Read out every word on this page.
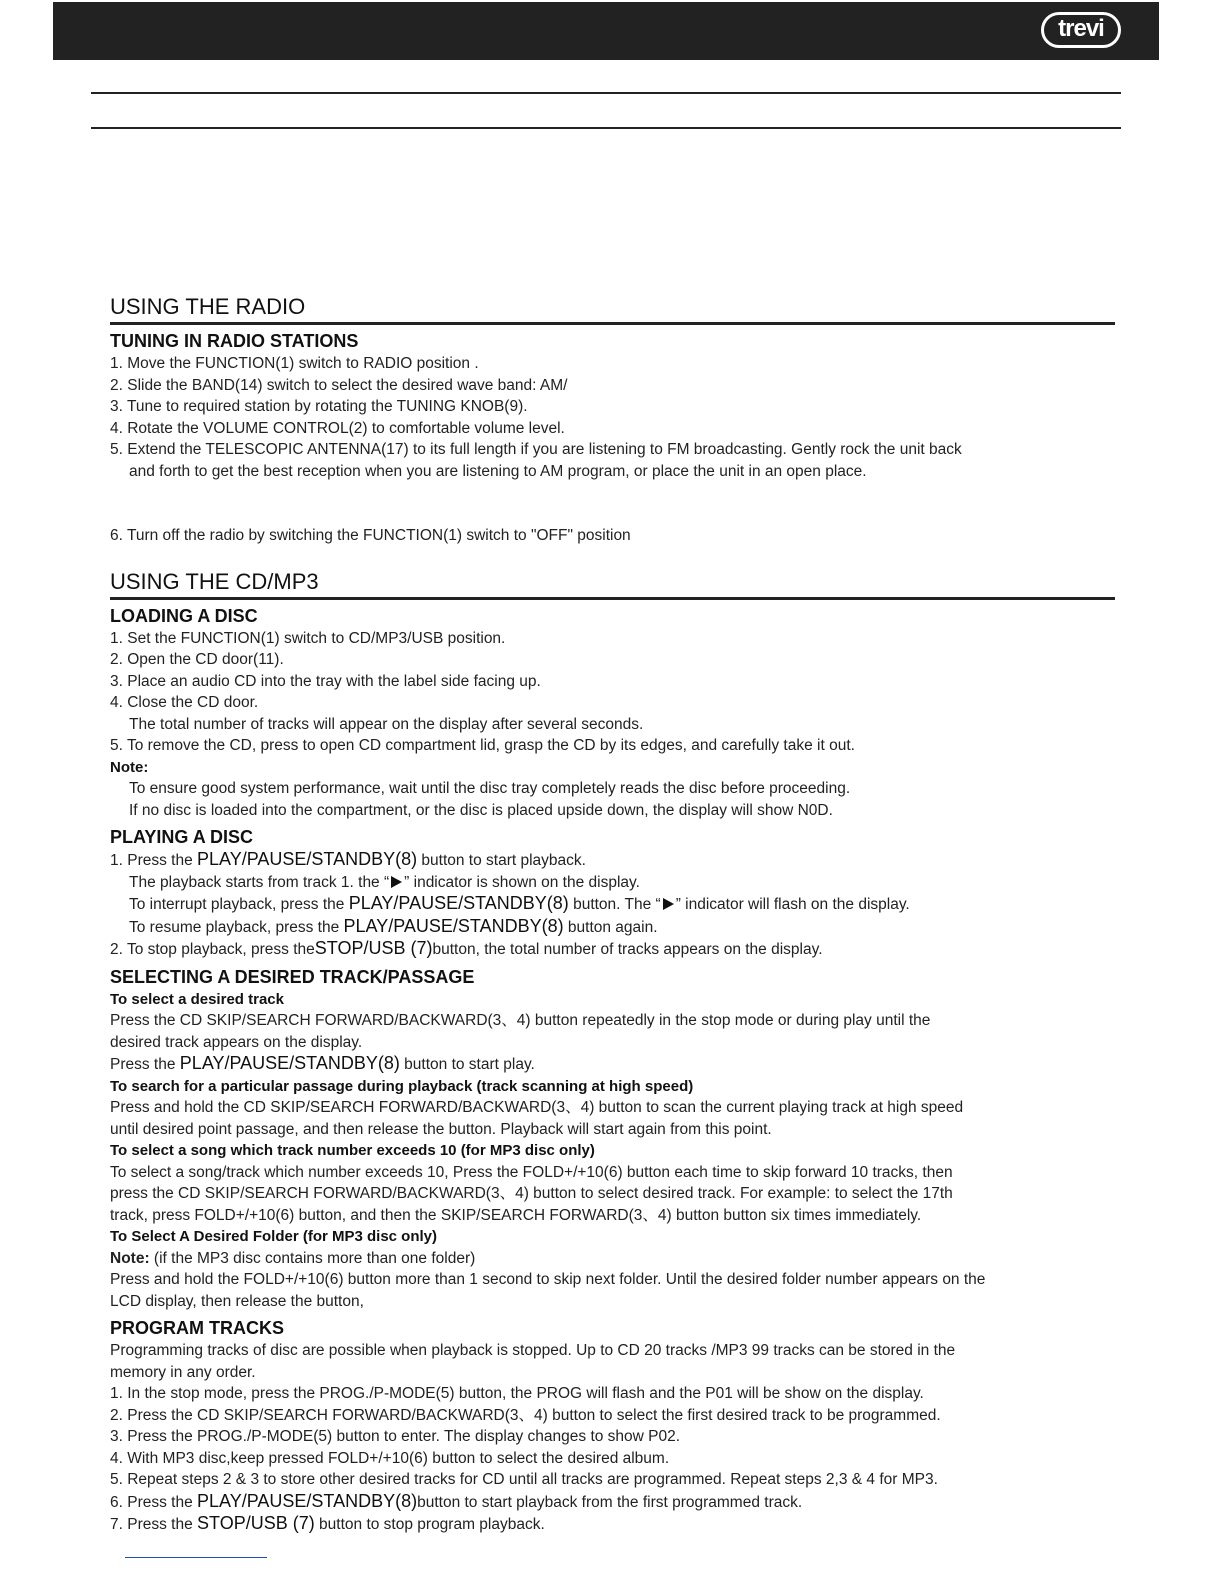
trevi
USING THE RADIO
TUNING IN RADIO STATIONS

1. Move the FUNCTION(1) switch to RADIO position .

2. Slide the BAND(14) switch to select the desired wave band: AM/

3. Tune to required station by rotating the TUNING KNOB(9).

4. Rotate the VOLUME CONTROL(2) to comfortable volume level.

5. Extend the TELESCOPIC ANTENNA(17) to its full length if you are listening to FM broadcasting. Gently rock the unit back

and forth to get the best reception when you are listening to AM program, or place the unit in an open place.

6. Turn off the radio by switching the FUNCTION(1) switch to "OFF" position

USING THE CD/MP3
LOADING A DISC

1. Set the FUNCTION(1) switch to CD/MP3/USB position.

2. Open the CD door(11).

3. Place an audio CD into the tray with the label side facing up.

4. Close the CD door.

The total number of tracks will appear on the display after several seconds.

5. To remove the CD, press to open CD compartment lid, grasp the CD by its edges, and carefully take it out.

Note:

To ensure good system performance, wait until the disc tray completely reads the disc before proceeding.

If no disc is loaded into the compartment, or the disc is placed upside down, the display will show N0D.

PLAYING A DISC

1. Press the PLAY/PAUSE/STANDBY(8) button to start playback.

The playback starts from track 1. the “ ” indicator is shown on the display.

To interrupt playback, press the PLAY/PAUSE/STANDBY(8) button. The “ ” indicator will flash on the display.

To resume playback, press the PLAY/PAUSE/STANDBY(8) button again.

2. To stop playback, press theSTOP/USB (7)button, the total number of tracks appears on the display.

SELECTING A DESIRED TRACK/PASSAGE
To select a desired track

Press the CD SKIP/SEARCH FORWARD/BACKWARD(3、4) button repeatedly in the stop mode or during play until the

desired track appears on the display.

Press the PLAY/PAUSE/STANDBY(8) button to start play.

To search for a particular passage during playback (track scanning at high speed)

Press and hold the CD SKIP/SEARCH FORWARD/BACKWARD(3、4) button to scan the current playing track at high speed

until desired point passage, and then release the button. Playback will start again from this point.

To select a song which track number exceeds 10 (for MP3 disc only)

To select a song/track which number exceeds 10, Press the FOLD+/+10(6) button each time to skip forward 10 tracks, then

press the CD SKIP/SEARCH FORWARD/BACKWARD(3、4) button to select desired track. For example: to select the 17th

track, press FOLD+/+10(6) button, and then the SKIP/SEARCH FORWARD(3、4) button button six times immediately.

To Select A Desired Folder (for MP3 disc only)

Note: (if the MP3 disc contains more than one folder)

Press and hold the FOLD+/+10(6) button more than 1 second to skip next folder. Until the desired folder number appears on the

LCD display, then release the button,

PROGRAM TRACKS

Programming tracks of disc are possible when playback is stopped. Up to CD 20 tracks /MP3 99 tracks can be stored in the

memory in any order.

1. In the stop mode, press the PROG./P-MODE(5) button, the PROG will flash and the P01 will be show on the display.

2. Press the CD SKIP/SEARCH FORWARD/BACKWARD(3、4) button to select the first desired track to be programmed.

3. Press the PROG./P-MODE(5) button to enter. The display changes to show P02.

4. With MP3 disc,keep pressed FOLD+/+10(6) button to select the desired album.

5. Repeat steps 2 & 3 to store other desired tracks for CD until all tracks are programmed. Repeat steps 2,3 & 4 for MP3.

6. Press the PLAY/PAUSE/STANDBY(8)button to start playback from the first programmed track.

7. Press the STOP/USB (7) button to stop program playback.
